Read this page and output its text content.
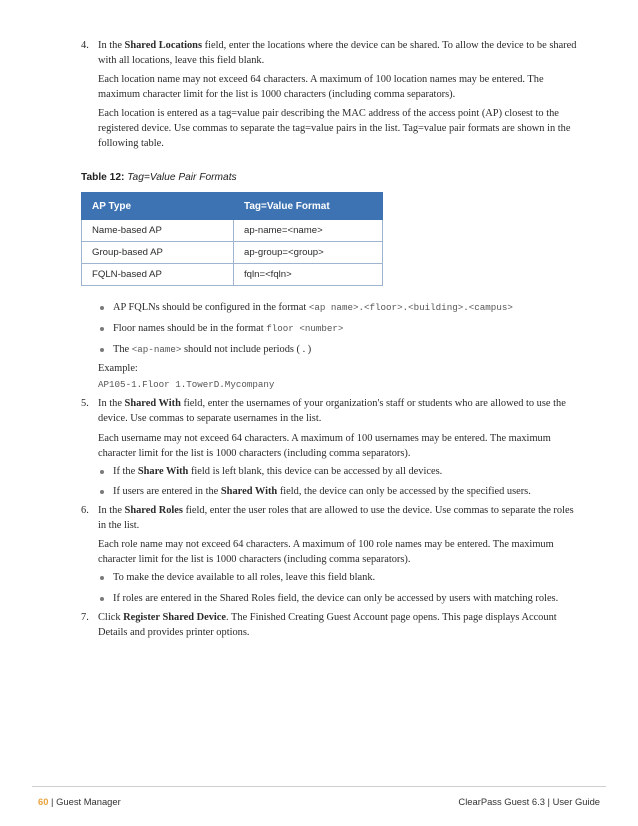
4. In the Shared Locations field, enter the locations where the device can be shared. To allow the device to be shared

with all locations, leave this field blank.

Each location name may not exceed 64 characters. A maximum of 100 location names may be entered. The

maximum character limit for the list is 1000 characters (including comma separators).

Each location is entered as a tag=value pair describing the MAC address of the access point (AP) closest to the

registered device. Use commas to separate the tag=value pairs in the list. Tag=value pair formats are shown in the

following table.

Table 12: Tag=Value Pair Formats
AP Type	Tag=Value Format
Name-based AP	ap-name=<name>
Group-based AP	ap-group=<group>
FQLN-based AP	fqln=<fqln>

AP FQLNs should be configured in the format <ap name>.<floor>.<building>.<campus>

Floor names should be in the format floor <number>

The <ap-name> should not include periods ( . )

Example:

AP105-1.Floor 1.TowerD.Mycompany

5. In the Shared With field, enter the usernames of your organization's staff or students who are allowed to use the

device. Use commas to separate usernames in the list.

Each username may not exceed 64 characters. A maximum of 100 usernames may be entered. The maximum

character limit for the list is 1000 characters (including comma separators).

If the Share With field is left blank, this device can be accessed by all devices.

If users are entered in the Shared With field, the device can only be accessed by the specified users.

6. In the Shared Roles field, enter the user roles that are allowed to use the device. Use commas to separate the roles

in the list.

Each role name may not exceed 64 characters. A maximum of 100 role names may be entered. The maximum

character limit for the list is 1000 characters (including comma separators).

To make the device available to all roles, leave this field blank.

If roles are entered in the Shared Roles field, the device can only be accessed by users with matching roles.

7. Click Register Shared Device. The Finished Creating Guest Account page opens. This page displays Account

Details and provides printer options.

60 | Guest Manager	ClearPass Guest 6.3 | User Guide
